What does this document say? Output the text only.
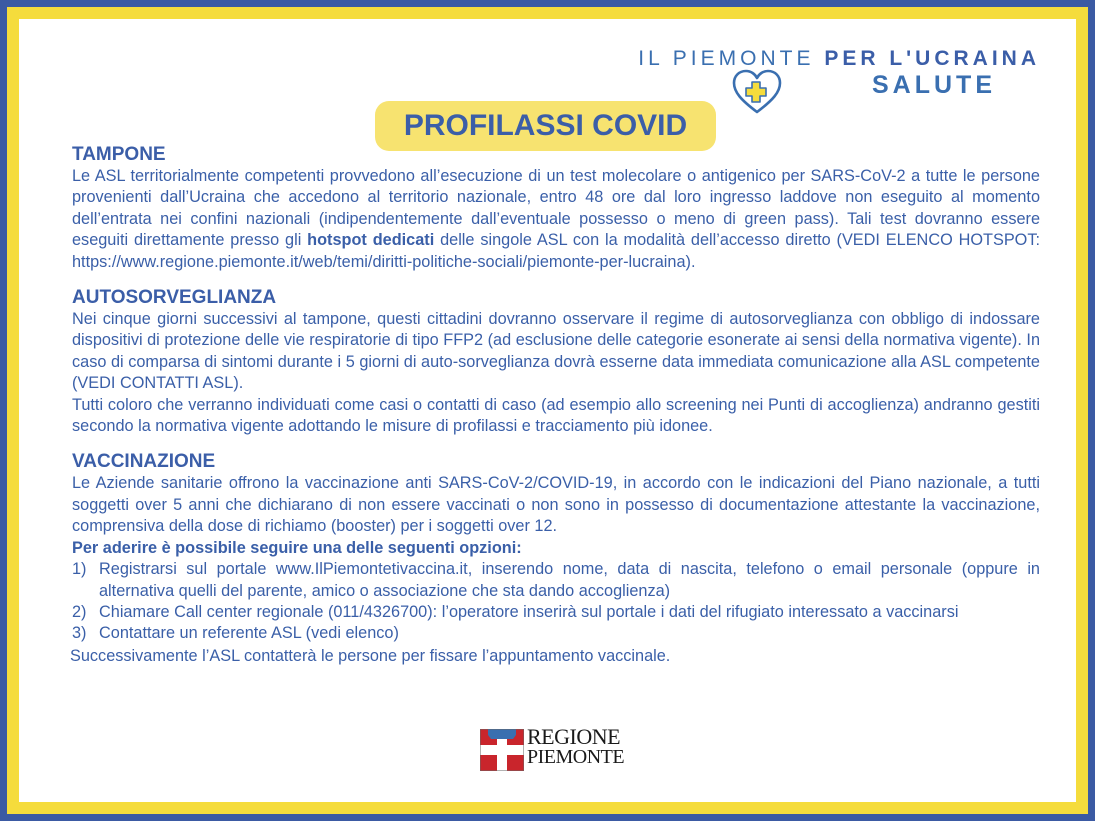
IL PIEMONTE PER L'UCRAINA
SALUTE
PROFILASSI COVID
TAMPONE
Le ASL territorialmente competenti provvedono all’esecuzione di un test molecolare o antigenico per SARS-CoV-2 a tutte le persone provenienti dall’Ucraina che accedono al territorio nazionale, entro 48 ore dal loro ingresso laddove non eseguito al momento dell’entrata nei confini nazionali (indipendentemente dall’eventuale possesso o meno di green pass). Tali test dovranno essere eseguiti direttamente presso gli hotspot dedicati delle singole ASL con la modalità dell’accesso diretto (VEDI ELENCO HOTSPOT: https://www.regione.piemonte.it/web/temi/diritti-politiche-sociali/piemonte-per-lucraina).
AUTOSORVEGLIANZA
Nei cinque giorni successivi al tampone, questi cittadini dovranno osservare il regime di autosorveglianza con obbligo di indossare dispositivi di protezione delle vie respiratorie di tipo FFP2 (ad esclusione delle categorie esonerate ai sensi della normativa vigente). In caso di comparsa di sintomi durante i 5 giorni di auto-sorveglianza dovrà esserne data immediata comunicazione alla ASL competente (VEDI CONTATTI ASL).
Tutti coloro che verranno individuati come casi o contatti di caso (ad esempio allo screening nei Punti di accoglienza) andranno gestiti secondo la normativa vigente adottando le misure di profilassi e tracciamento più idonee.
VACCINAZIONE
Le Aziende sanitarie offrono la vaccinazione anti SARS-CoV-2/COVID-19, in accordo con le indicazioni del Piano nazionale, a tutti soggetti over 5 anni che dichiarano di non essere vaccinati o non sono in possesso di documentazione attestante la vaccinazione, comprensiva della dose di richiamo (booster) per i soggetti over 12.
Per aderire è possibile seguire una delle seguenti opzioni:
1) Registrarsi sul portale www.IlPiemontetivaccina.it, inserendo nome, data di nascita, telefono o email personale (oppure in alternativa quelli del parente, amico o associazione che sta dando accoglienza)
2) Chiamare Call center regionale (011/4326700): l’operatore inserirà sul portale i dati del rifugiato interessato a vaccinarsi
3) Contattare un referente ASL (vedi elenco)
Successivamente l’ASL contatterà le persone per fissare l’appuntamento vaccinale.
REGIONE
PIEMONTE
